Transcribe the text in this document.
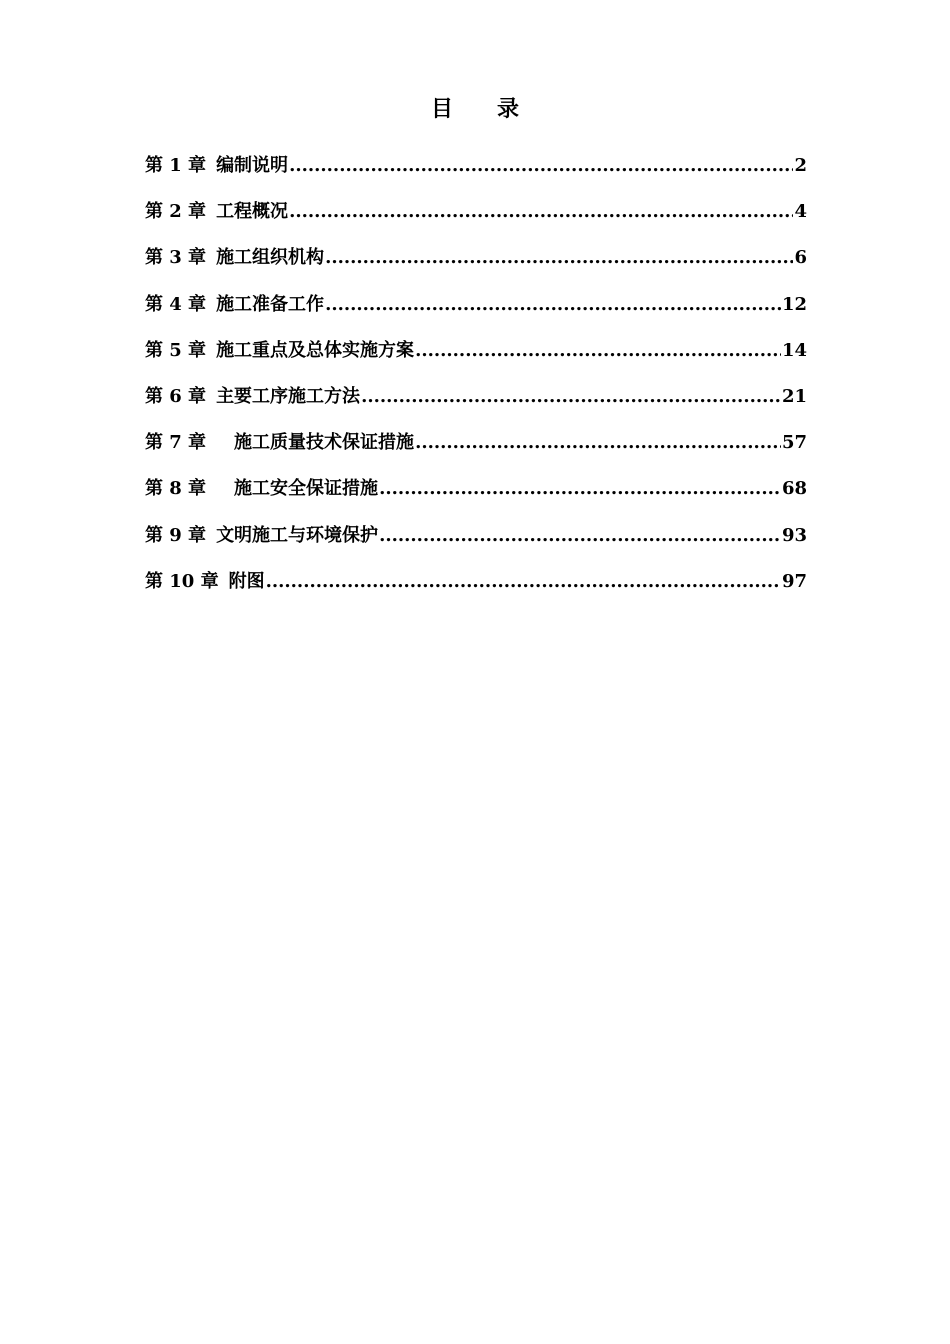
目 录
第 1 章 编制说明 .....	2
第 2 章 工程概况 .....	4
第 3 章 施工组织机构 .....	6
第 4 章 施工准备工作 .....	12
第 5 章 施工重点及总体实施方案 .....	14
第 6 章 主要工序施工方法 .....	21
第 7 章 　施工质量技术保证措施 .....	57
第 8 章 　施工安全保证措施 .....	68
第 9 章 文明施工与环境保护 .....	93
第 10 章 附图 .....	97
